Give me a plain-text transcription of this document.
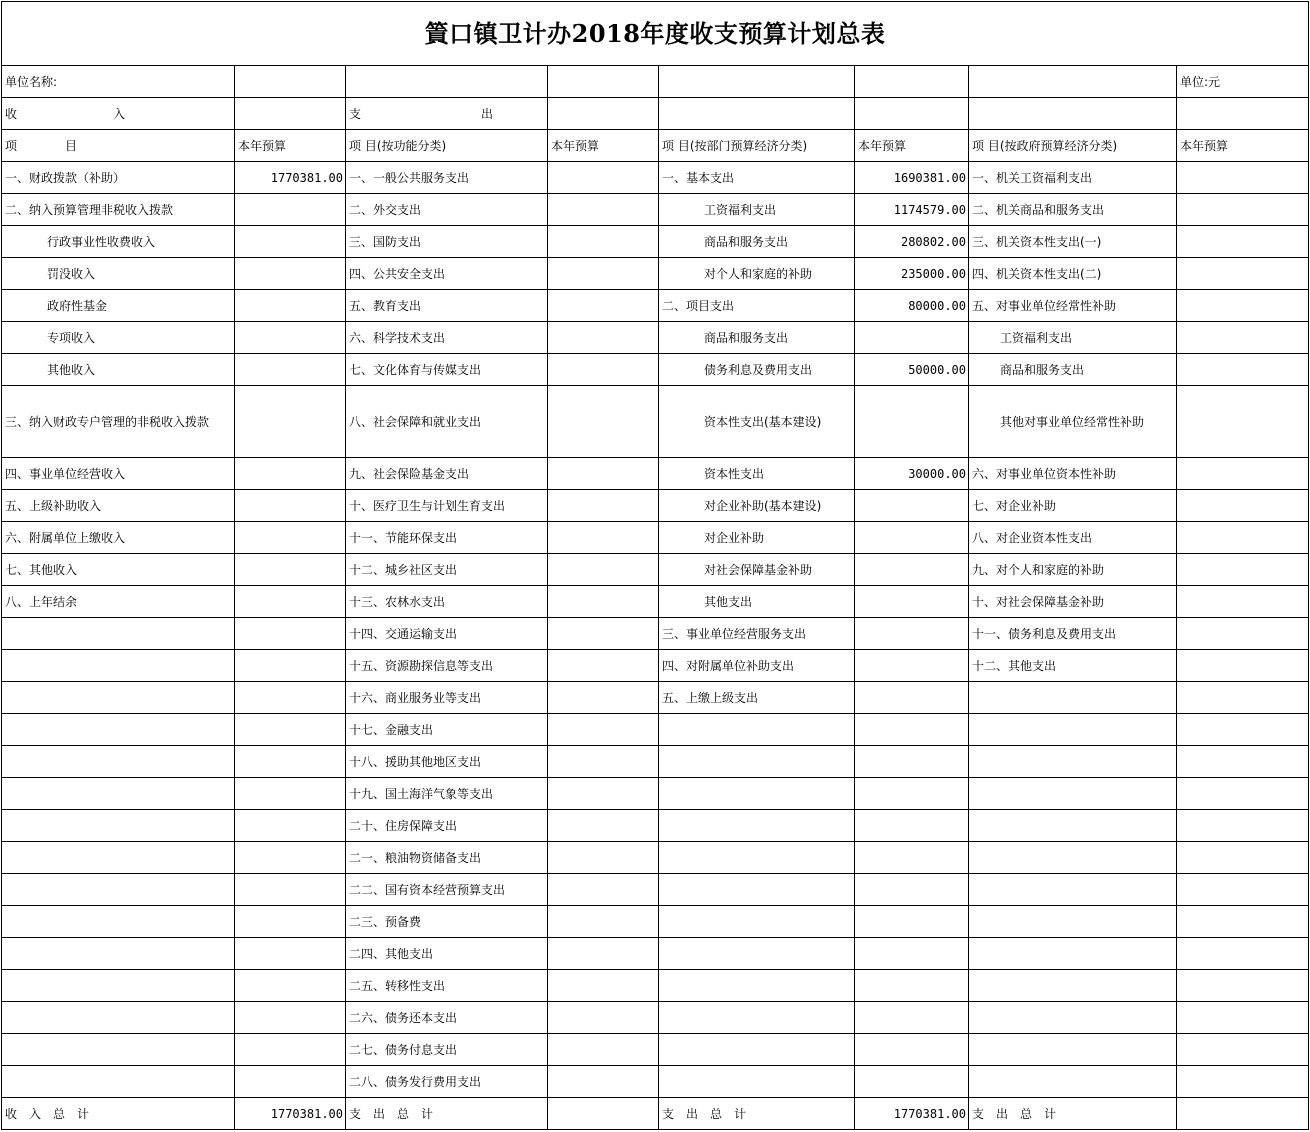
篢口镇卫计办2018年度收支预算计划总表							
单位名称:							单位:元
收　　　　　　　　入		支　　　　　　　　　　出					
项　　　　目	本年预算	项 目(按功能分类)	本年预算	项 目(按部门预算经济分类)	本年预算	项 目(按政府预算经济分类)	本年预算
一、财政拨款（补助）	1770381.00	一、一般公共服务支出		一、基本支出	1690381.00	一、机关工资福利支出	
二、纳入预算管理非税收入拨款		二、外交支出		工资福利支出	1174579.00	二、机关商品和服务支出	
行政事业性收费收入		三、国防支出		商品和服务支出	280802.00	三、机关资本性支出(一)	
罚没收入		四、公共安全支出		对个人和家庭的补助	235000.00	四、机关资本性支出(二)	
政府性基金		五、教育支出		二、项目支出	80000.00	五、对事业单位经常性补助	
专项收入		六、科学技术支出		商品和服务支出		工资福利支出	
其他收入		七、文化体育与传媒支出		债务利息及费用支出	50000.00	商品和服务支出	
三、纳入财政专户管理的非税收入拨款		八、社会保障和就业支出		资本性支出(基本建设)		其他对事业单位经常性补助	
四、事业单位经营收入		九、社会保险基金支出		资本性支出	30000.00	六、对事业单位资本性补助	
五、上级补助收入		十、医疗卫生与计划生育支出		对企业补助(基本建设)		七、对企业补助	
六、附属单位上缴收入		十一、节能环保支出		对企业补助		八、对企业资本性支出	
七、其他收入		十二、城乡社区支出		对社会保障基金补助		九、对个人和家庭的补助	
八、上年结余		十三、农林水支出		其他支出		十、对社会保障基金补助	
		十四、交通运输支出		三、事业单位经营服务支出		十一、债务利息及费用支出	
		十五、资源勘探信息等支出		四、对附属单位补助支出		十二、其他支出	
		十六、商业服务业等支出		五、上缴上级支出			
		十七、金融支出					
		十八、援助其他地区支出					
		十九、国土海洋气象等支出					
		二十、住房保障支出					
		二一、粮油物资储备支出					
		二二、国有资本经营预算支出					
		二三、预备费					
		二四、其他支出					
		二五、转移性支出					
		二六、债务还本支出					
		二七、债务付息支出					
		二八、债务发行费用支出					
收　入　总　计	1770381.00	支　出　总　计		支　出　总　计	1770381.00	支　出　总　计	
